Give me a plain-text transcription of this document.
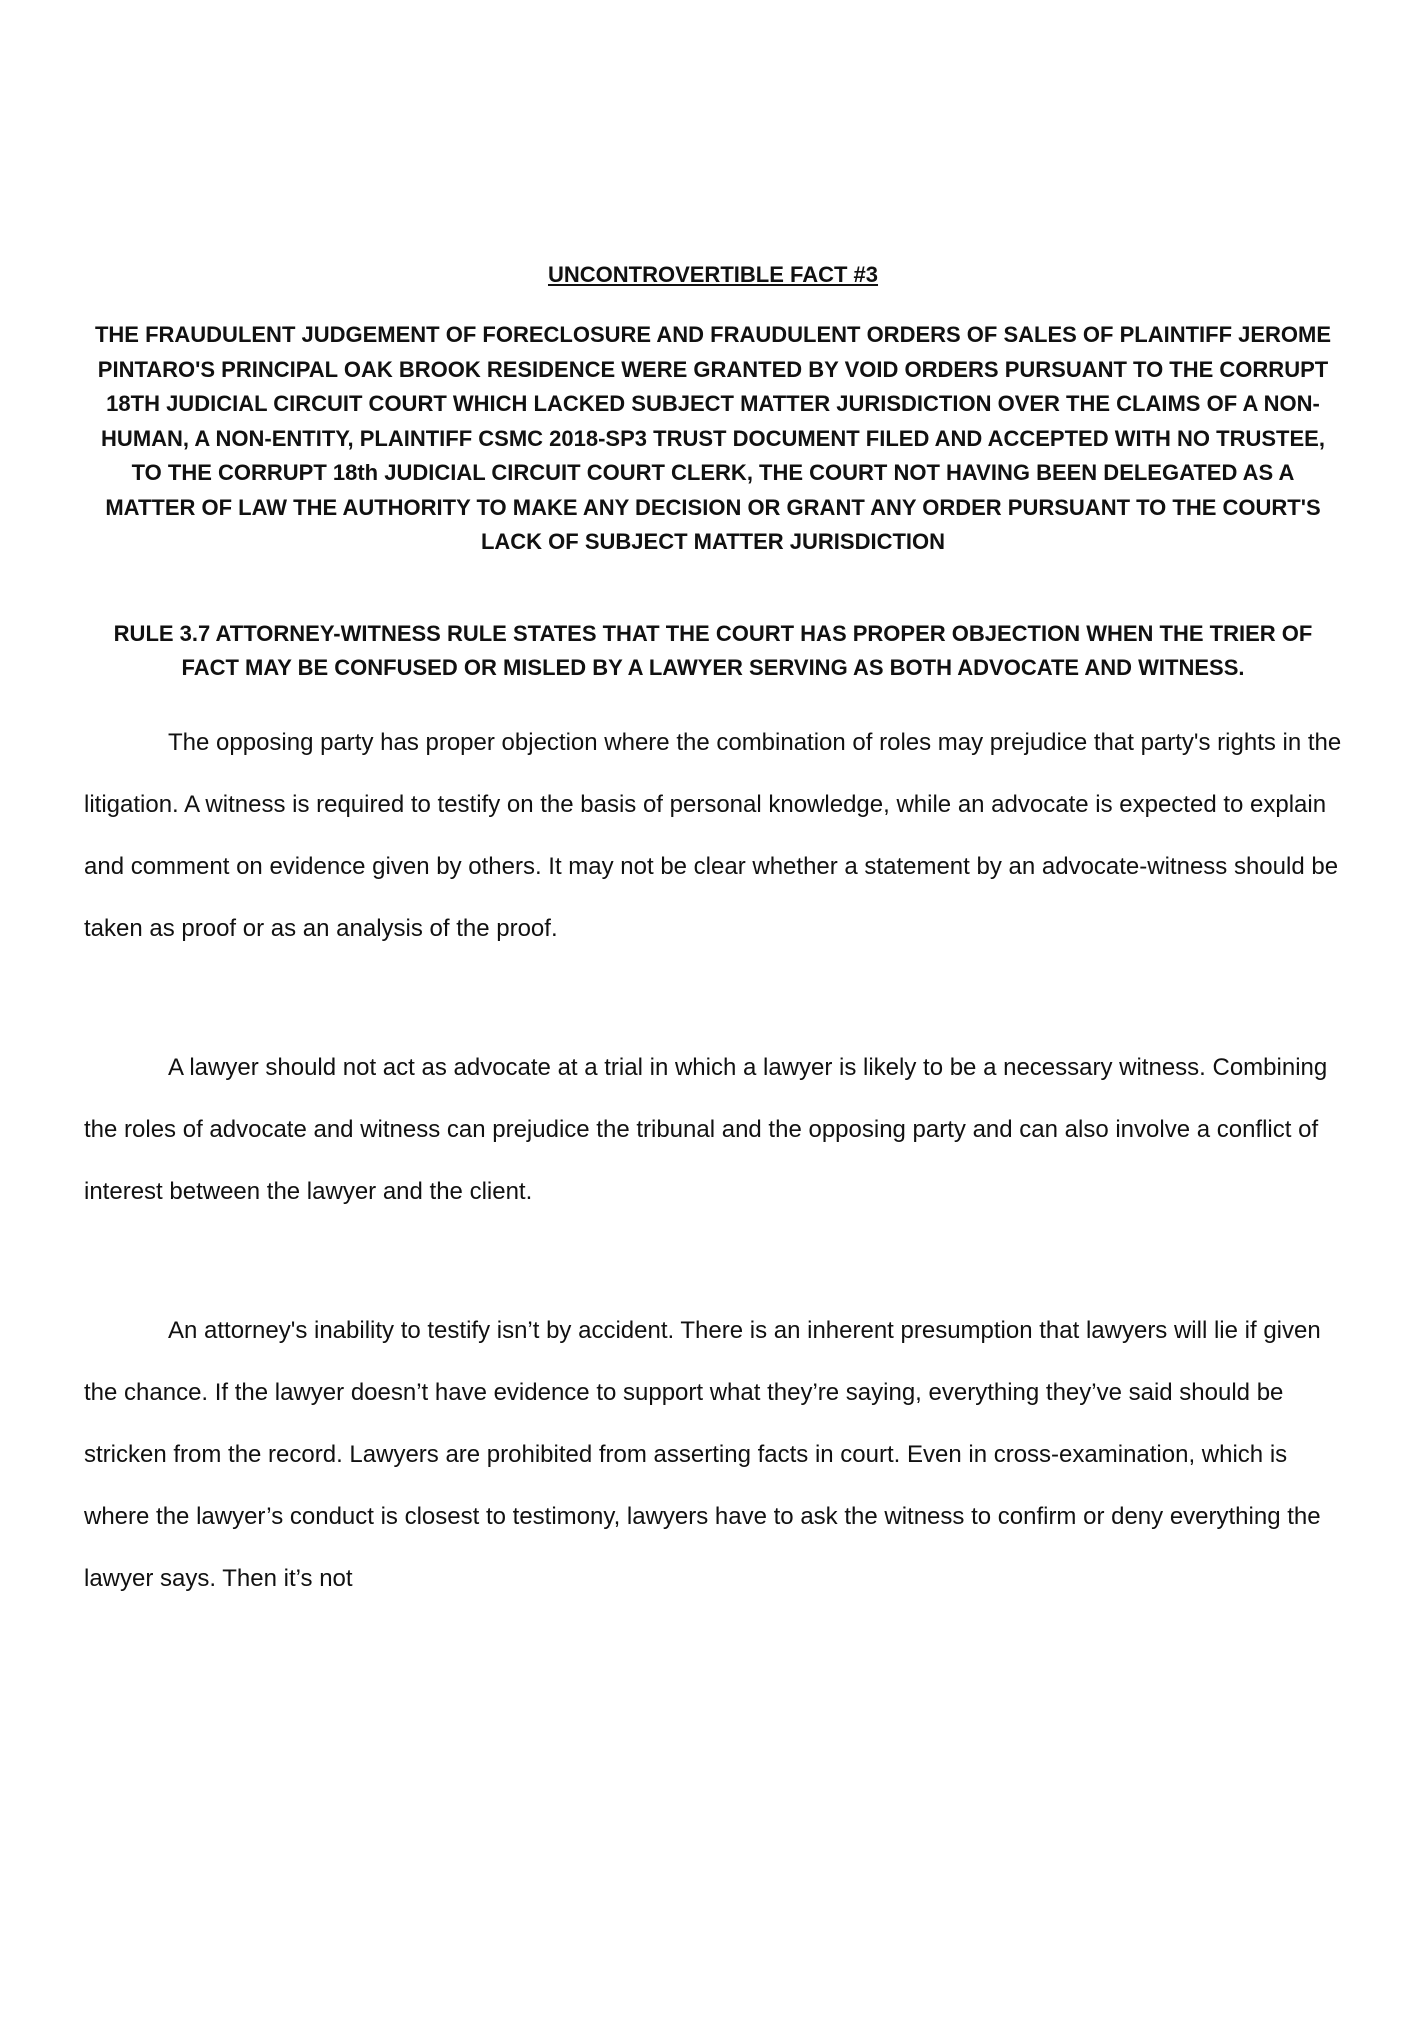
UNCONTROVERTIBLE FACT #3

THE FRAUDULENT JUDGEMENT OF FORECLOSURE AND FRAUDULENT ORDERS OF SALES OF PLAINTIFF JEROME PINTARO'S PRINCIPAL OAK BROOK RESIDENCE WERE GRANTED BY VOID ORDERS PURSUANT TO THE CORRUPT 18TH JUDICIAL CIRCUIT COURT WHICH LACKED SUBJECT MATTER JURISDICTION OVER THE CLAIMS OF A NON-HUMAN, A NON-ENTITY, PLAINTIFF CSMC 2018-SP3 TRUST DOCUMENT FILED AND ACCEPTED WITH NO TRUSTEE, TO THE CORRUPT 18th JUDICIAL CIRCUIT COURT CLERK, THE COURT NOT HAVING BEEN DELEGATED AS A MATTER OF LAW THE AUTHORITY TO MAKE ANY DECISION OR GRANT ANY ORDER PURSUANT TO THE COURT'S LACK OF SUBJECT MATTER JURISDICTION

RULE 3.7 ATTORNEY-WITNESS RULE STATES THAT THE COURT HAS PROPER OBJECTION WHEN THE TRIER OF FACT MAY BE CONFUSED OR MISLED BY A LAWYER SERVING AS BOTH ADVOCATE AND WITNESS.

The opposing party has proper objection where the combination of roles may prejudice that party's rights in the litigation. A witness is required to testify on the basis of personal knowledge, while an advocate is expected to explain and comment on evidence given by others. It may not be clear whether a statement by an advocate-witness should be taken as proof or as an analysis of the proof.

A lawyer should not act as advocate at a trial in which a lawyer is likely to be a necessary witness. Combining the roles of advocate and witness can prejudice the tribunal and the opposing party and can also involve a conflict of interest between the lawyer and the client.

An attorney's inability to testify isn’t by accident. There is an inherent presumption that lawyers will lie if given the chance. If the lawyer doesn’t have evidence to support what they’re saying, everything they’ve said should be stricken from the record. Lawyers are prohibited from asserting facts in court. Even in cross-examination, which is where the lawyer’s conduct is closest to testimony, lawyers have to ask the witness to confirm or deny everything the lawyer says. Then it’s not
